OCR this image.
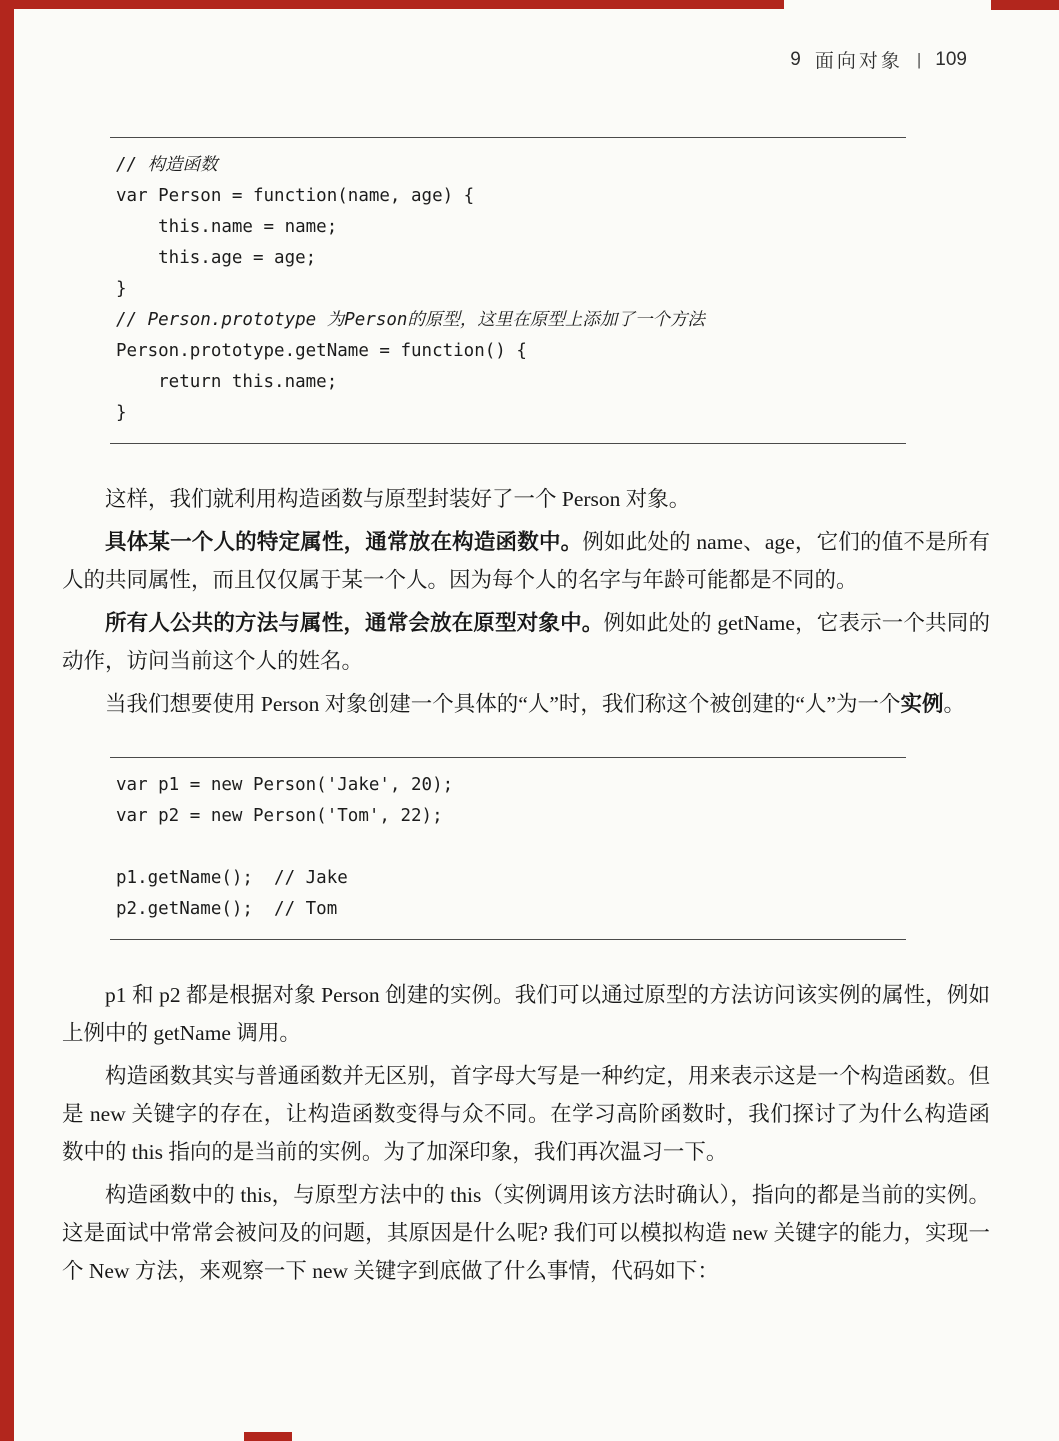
9 面向对象 | 109
// 构造函数
var Person = function(name, age) {
this.name = name;
this.age = age;
}
// Person.prototype 为Person的原型，这里在原型上添加了一个方法
Person.prototype.getName = function() {
return this.name;
}

这样，我们就利用构造函数与原型封装好了一个 Person 对象。

具体某一个人的特定属性，通常放在构造函数中。例如此处的 name、age，它们的值不是所有人的共同属性，而且仅仅属于某一个人。因为每个人的名字与年龄可能都是不同的。

所有人公共的方法与属性，通常会放在原型对象中。例如此处的 getName，它表示一个共同的动作，访问当前这个人的姓名。

当我们想要使用 Person 对象创建一个具体的“人”时，我们称这个被创建的“人”为一个实例。

var p1 = new Person('Jake', 20);
var p2 = new Person('Tom', 22);
p1.getName();  // Jake
p2.getName();  // Tom

p1 和 p2 都是根据对象 Person 创建的实例。我们可以通过原型的方法访问该实例的属性，例如上例中的 getName 调用。

构造函数其实与普通函数并无区别，首字母大写是一种约定，用来表示这是一个构造函数。但是 new 关键字的存在，让构造函数变得与众不同。在学习高阶函数时，我们探讨了为什么构造函数中的 this 指向的是当前的实例。为了加深印象，我们再次温习一下。

构造函数中的 this，与原型方法中的 this（实例调用该方法时确认），指向的都是当前的实例。这是面试中常常会被问及的问题，其原因是什么呢? 我们可以模拟构造 new 关键字的能力，实现一个 New 方法，来观察一下 new 关键字到底做了什么事情，代码如下：
